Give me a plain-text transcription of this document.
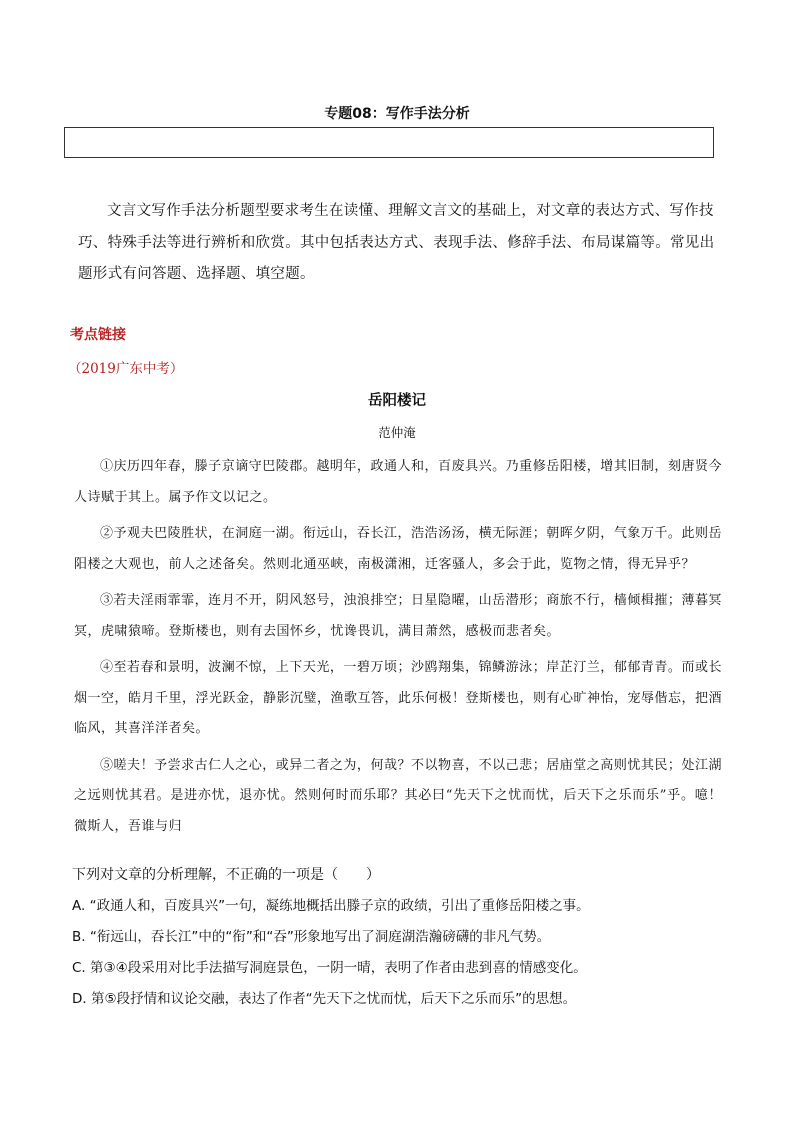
专题08：写作手法分析
文言文写作手法分析题型要求考生在读懂、理解文言文的基础上，对文章的表达方式、写作技巧、特殊手法等进行辨析和欣赏。其中包括表达方式、表现手法、修辞手法、布局谋篇等。常见出题形式有问答题、选择题、填空题。
考点链接
（2019广东中考）
岳阳楼记
范仲淹

①庆历四年春，滕子京谪守巴陵郡。越明年，政通人和，百废具兴。乃重修岳阳楼，增其旧制，刻唐贤今人诗赋于其上。属予作文以记之。

②予观夫巴陵胜状，在洞庭一湖。衔远山，吞长江，浩浩汤汤，横无际涯；朝晖夕阴，气象万千。此则岳阳楼之大观也，前人之述备矣。然则北通巫峡，南极潇湘，迁客骚人，多会于此，览物之情，得无异乎？

③若夫淫雨霏霏，连月不开，阴风怒号，浊浪排空；日星隐曜，山岳潜形；商旅不行，樯倾楫摧；薄暮冥冥，虎啸猿啼。登斯楼也，则有去国怀乡，忧谗畏讥，满目萧然，感极而悲者矣。

④至若春和景明，波澜不惊，上下天光，一碧万顷；沙鸥翔集，锦鳞游泳；岸芷汀兰，郁郁青青。而或长烟一空，皓月千里，浮光跃金，静影沉璧，渔歌互答，此乐何极！登斯楼也，则有心旷神怡，宠辱偕忘，把酒临风，其喜洋洋者矣。

⑤嗟夫！予尝求古仁人之心，或异二者之为，何哉？不以物喜，不以己悲；居庙堂之高则忧其民；处江湖之远则忧其君。是进亦忧，退亦忧。然则何时而乐耶？其必曰“先天下之忧而忧，后天下之乐而乐”乎。噫！微斯人，吾谁与归

下列对文章的分析理解，不正确的一项是（　　）
A. “政通人和，百废具兴”一句，凝练地概括出滕子京的政绩，引出了重修岳阳楼之事。
B. “衔远山，吞长江”中的“衔”和“吞”形象地写出了洞庭湖浩瀚磅礴的非凡气势。
C. 第③④段采用对比手法描写洞庭景色，一阴一晴，表明了作者由悲到喜的情感变化。
D. 第⑤段抒情和议论交融，表达了作者“先天下之忧而忧，后天下之乐而乐”的思想。
